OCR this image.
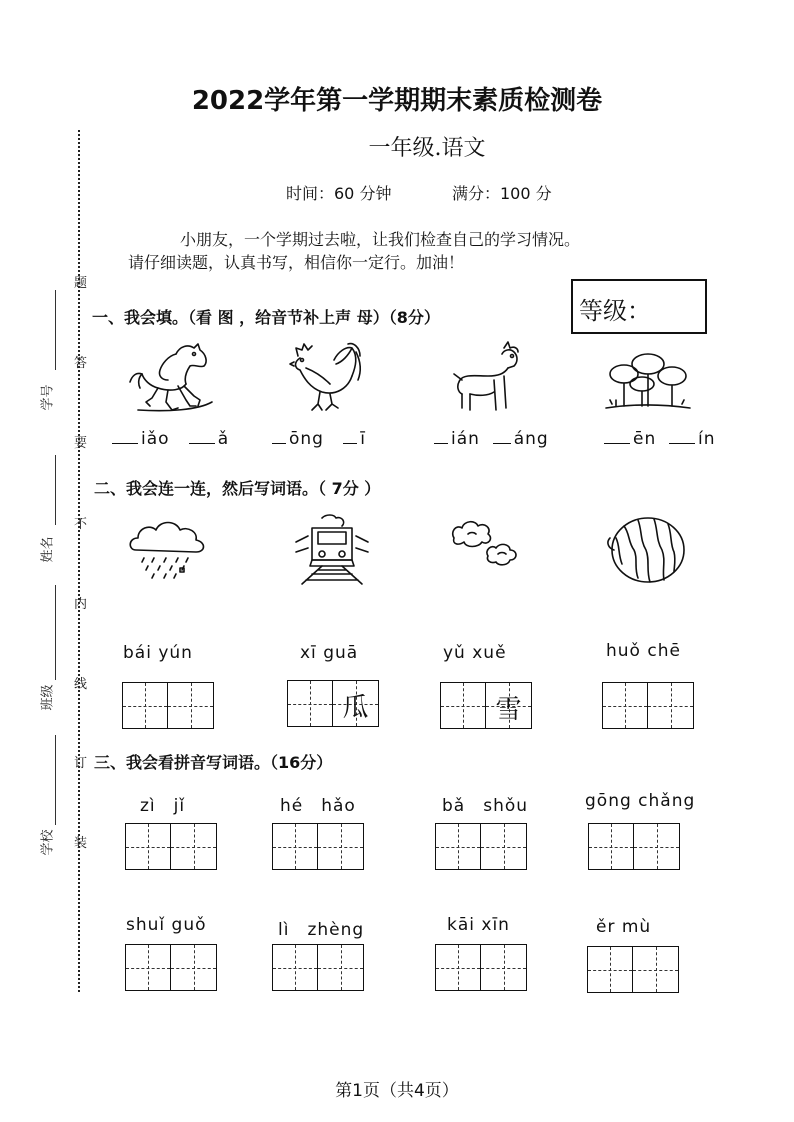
2022学年第一学期期末素质检测卷
一年级.语文
时间：60 分钟	满分：100 分
小朋友，一个学期过去啦，让我们检查自己的学习情况。
请仔细读题，认真书写，相信你一定行。加油！
等级：
题
答
要
不
内
线
订
装
学号
姓名
班级
学校
一、我会填。（看 图 ，给音节补上声 母）（8分）
iǎo	ǎ	ōng ī	ián áng	ēn ín
二、我会连一连，然后写词语。（ 7分 ）
bái yún	xī guā
瓜
yǔ xuě
雪
huǒ chē
三、我会看拼音写词语。（16分）
zì　jǐ	hé　hǎo	bǎ　shǒu	gōng chǎng
shuǐ guǒ	lì　zhèng	kāi xīn	ěr mù
第1页（共4页）
